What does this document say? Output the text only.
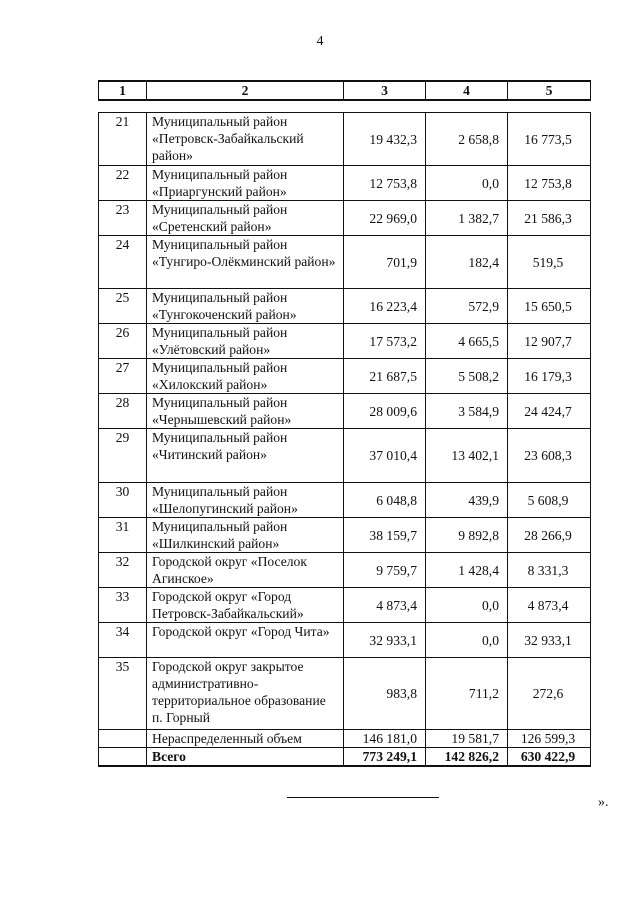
4
1	2	3	4	5
21	Муниципальный район «Петровск-Забайкальский район»	19 432,3	2 658,8	16 773,5
22	Муниципальный район «Приаргунский район»	12 753,8	0,0	12 753,8
23	Муниципальный район «Сретенский район»	22 969,0	1 382,7	21 586,3
24	Муниципальный район «Тунгиро-Олёкминский район»	701,9	182,4	519,5
25	Муниципальный район «Тунгокоченский район»	16 223,4	572,9	15 650,5
26	Муниципальный район «Улётовский район»	17 573,2	4 665,5	12 907,7
27	Муниципальный район «Хилокский район»	21 687,5	5 508,2	16 179,3
28	Муниципальный район «Чернышевский район»	28 009,6	3 584,9	24 424,7
29	Муниципальный район «Читинский район»	37 010,4	13 402,1	23 608,3
30	Муниципальный район «Шелопугинский район»	6 048,8	439,9	5 608,9
31	Муниципальный район «Шилкинский район»	38 159,7	9 892,8	28 266,9
32	Городской округ «Поселок Агинское»	9 759,7	1 428,4	8 331,3
33	Городской округ «Город Петровск-Забайкальский»	4 873,4	0,0	4 873,4
34	Городской округ «Город Чита»	32 933,1	0,0	32 933,1
35	Городской округ закрытое административно-территориальное образование п. Горный	983,8	711,2	272,6
	Нераспределенный объем	146 181,0	19 581,7	126 599,3
	Всего	773 249,1	142 826,2	630 422,9
».
